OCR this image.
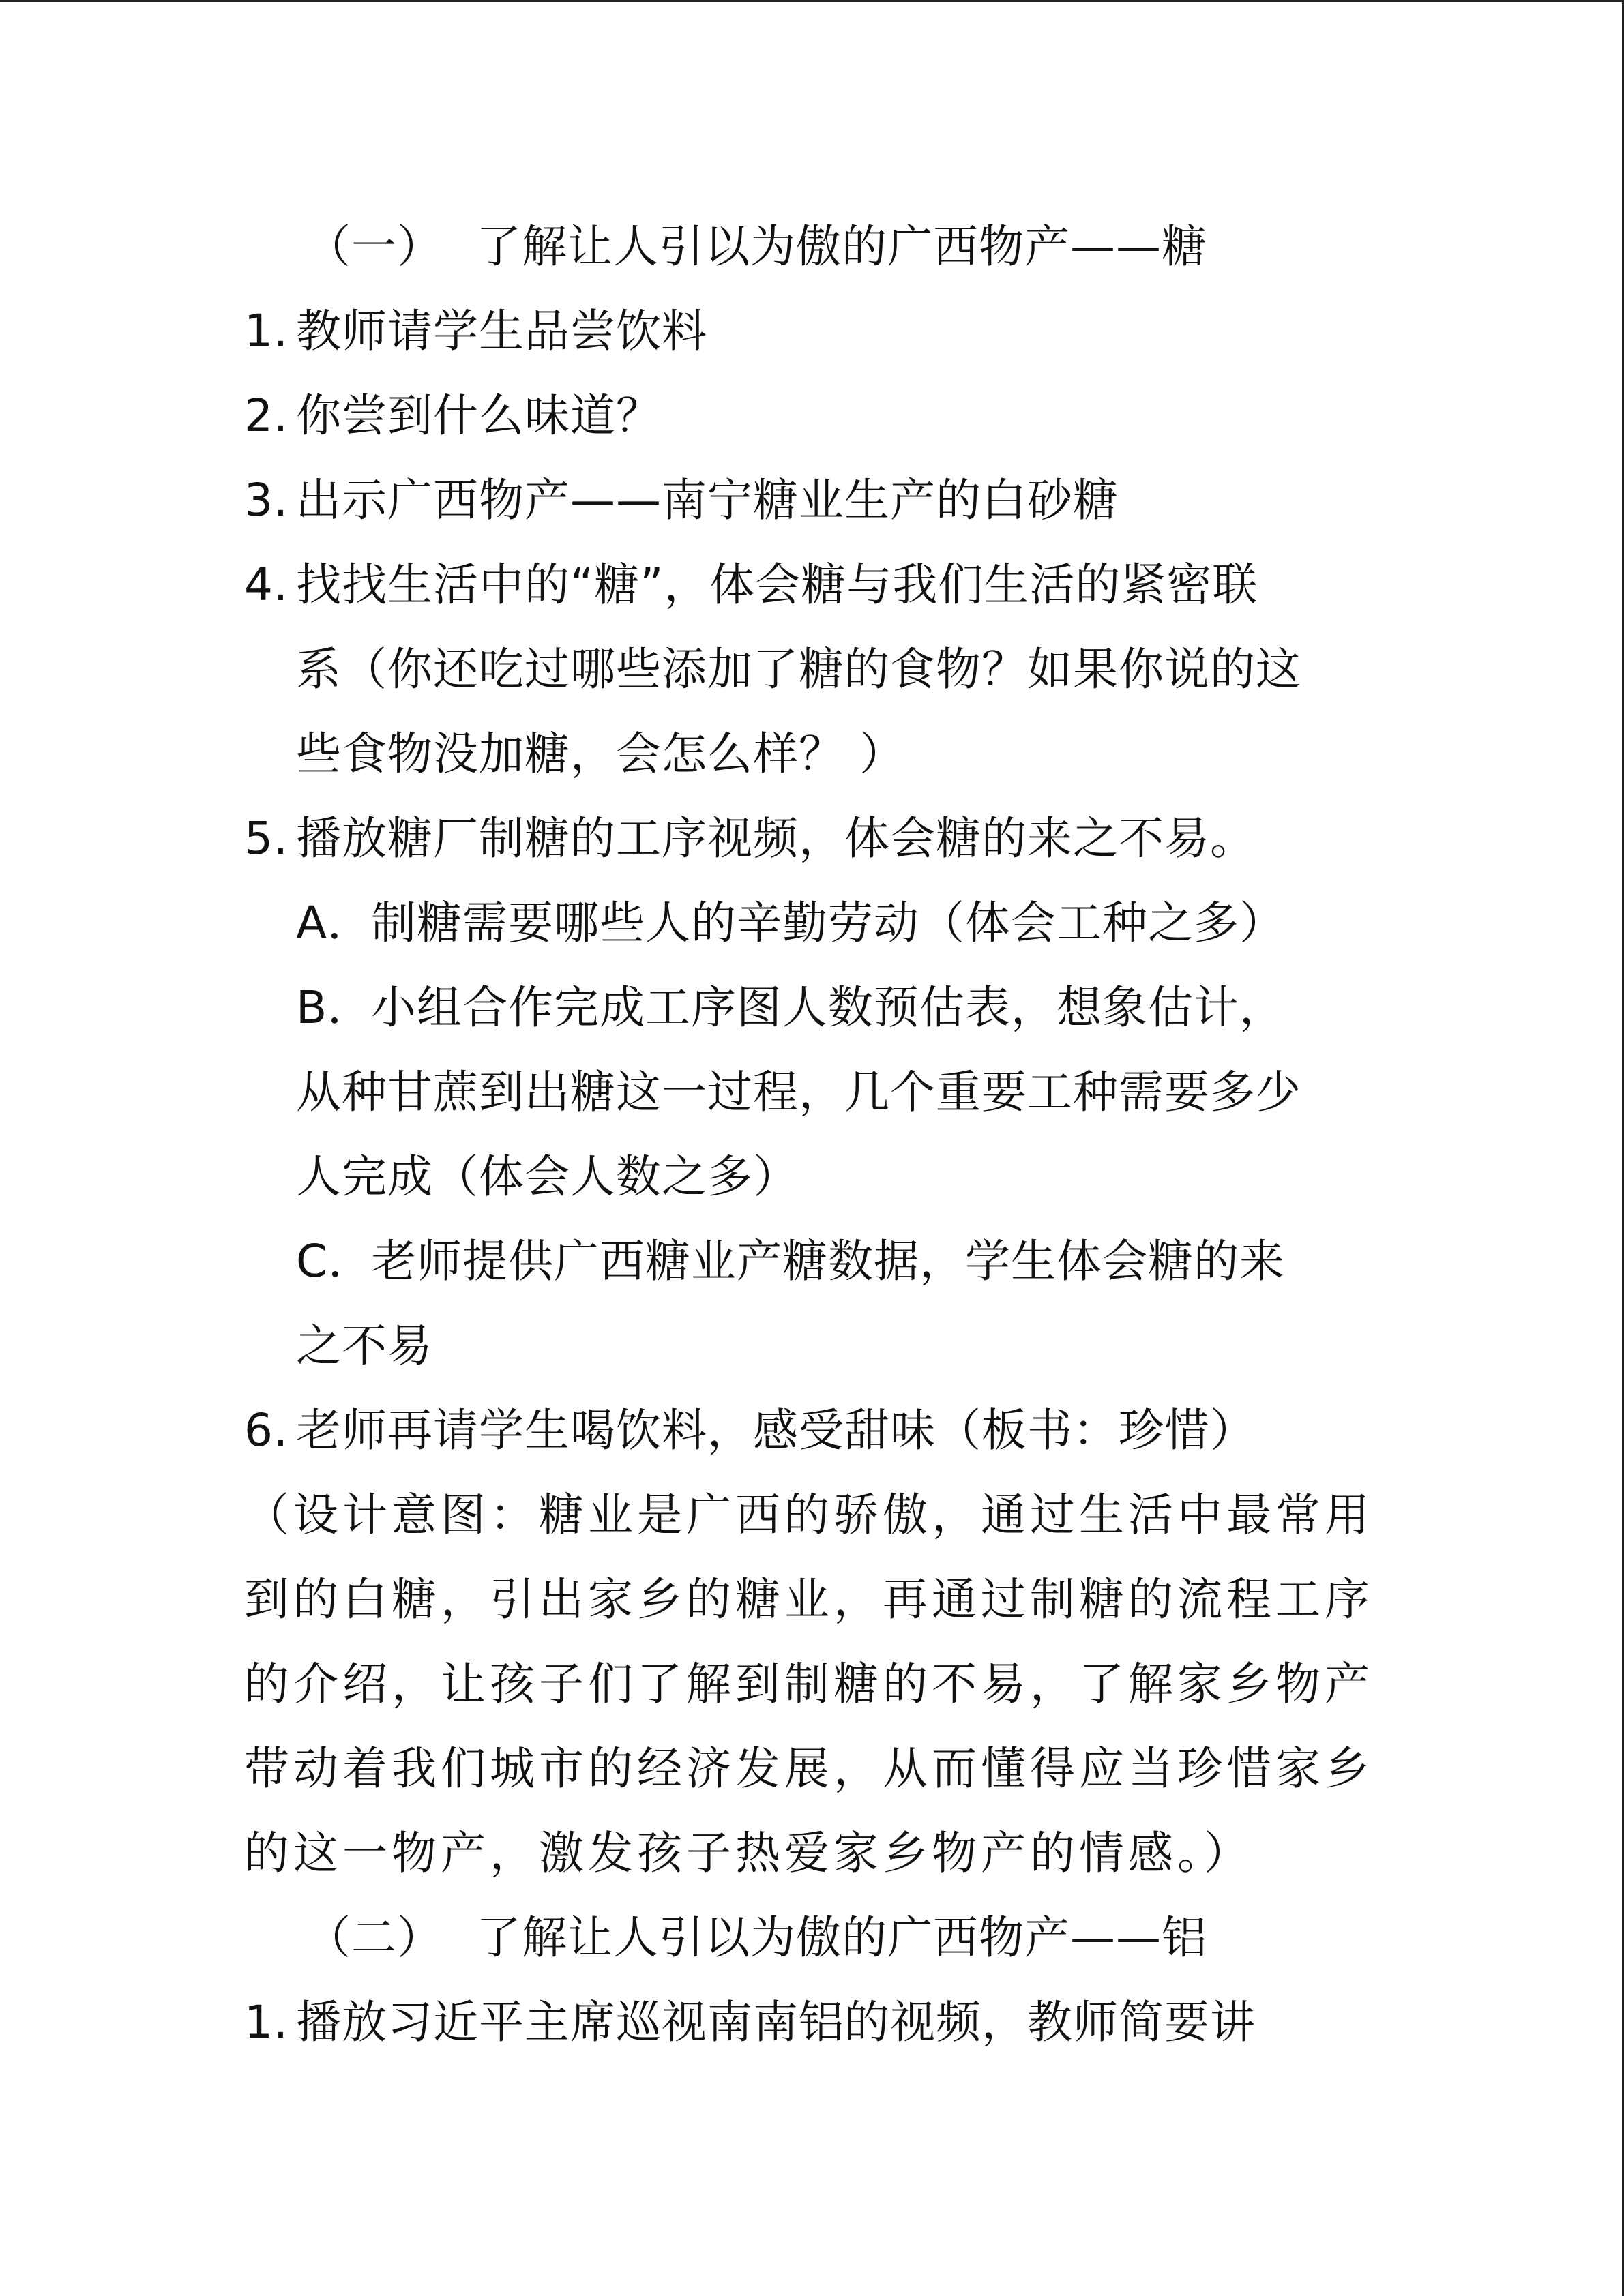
（一） 了解让人引以为傲的广西物产——糖
1. 教师请学生品尝饮料
2. 你尝到什么味道？
3. 出示广西物产——南宁糖业生产的白砂糖
4. 找找生活中的“糖”，体会糖与我们生活的紧密联
系（你还吃过哪些添加了糖的食物？如果你说的这
些食物没加糖，会怎么样？ ）
5. 播放糖厂制糖的工序视频，体会糖的来之不易。
A．制糖需要哪些人的辛勤劳动（体会工种之多）
B．小组合作完成工序图人数预估表，想象估计，
从种甘蔗到出糖这一过程，几个重要工种需要多少
人完成（体会人数之多）
C．老师提供广西糖业产糖数据，学生体会糖的来
之不易
6. 老师再请学生喝饮料，感受甜味（板书：珍惜）
（设计意图：糖业是广西的骄傲，通过生活中最常用
到的白糖，引出家乡的糖业，再通过制糖的流程工序
的介绍，让孩子们了解到制糖的不易，了解家乡物产
带动着我们城市的经济发展，从而懂得应当珍惜家乡
的这一物产，激发孩子热爱家乡物产的情感。）
（二） 了解让人引以为傲的广西物产——铝
1. 播放习近平主席巡视南南铝的视频，教师简要讲
